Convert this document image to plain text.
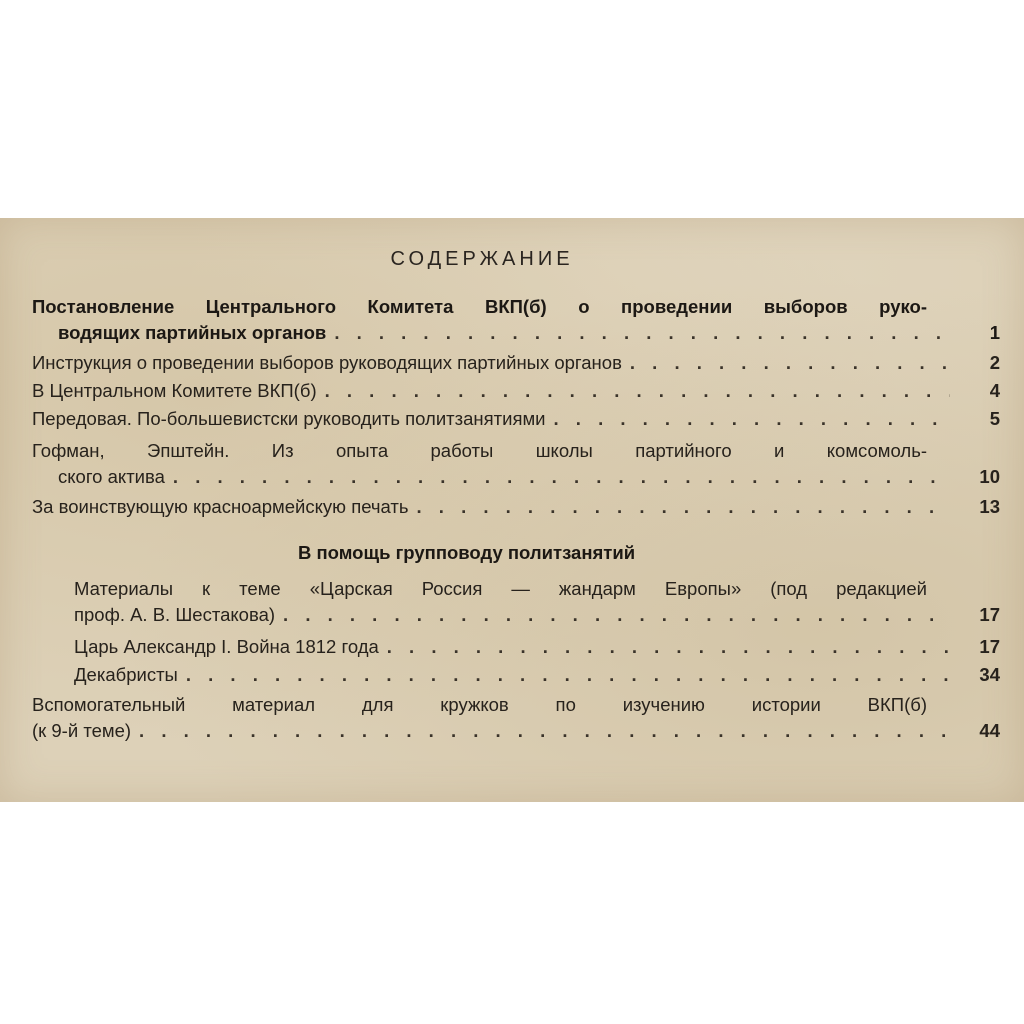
СОДЕРЖАНИЕ
Постановление Центрального Комитета ВКП(б) о проведении выборов руко-
водящих партийных органов . . .	1
Инструкция о проведении выборов руководящих партийных органов . . .	2
В Центральном Комитете ВКП(б) . . .	4
Передовая. По-большевистски руководить политзанятиями . . .	5
Гофман, Эпштейн. Из опыта работы школы партийного и комсомоль-
ского актива . . .	10
За воинствующую красноармейскую печать . . .	13
В помощь групповоду политзанятий
Материалы к теме «Царская Россия — жандарм Европы» (под редакцией
проф. А. В. Шестакова) . . .	17
Царь Александр I. Война 1812 года . . .	17
Декабристы . . .	34
Вспомогательный материал для кружков по изучению истории ВКП(б)
(к 9-й теме) . . .	44
